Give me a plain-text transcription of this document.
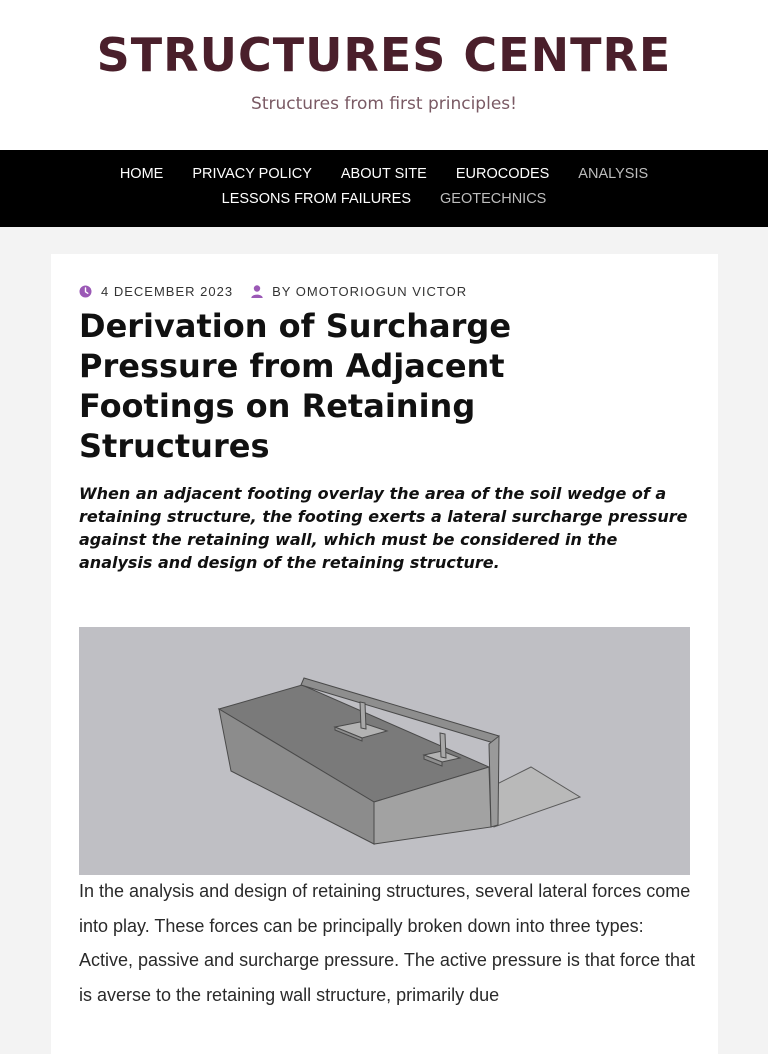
STRUCTURES CENTRE
Structures from first principles!
HOME PRIVACY POLICY ABOUT SITE EUROCODES ANALYSIS
LESSONS FROM FAILURES GEOTECHNICS
4 DECEMBER 2023	BY OMOTORIOGUN VICTOR
Derivation of Surcharge Pressure from Adjacent Footings on Retaining Structures

When an adjacent footing overlay the area of the soil wedge of a retaining structure, the footing exerts a lateral surcharge pressure against the retaining wall, which must be considered in the analysis and design of the retaining structure.

In the analysis and design of retaining structures, several lateral forces come into play. These forces can be principally broken down into three types: Active, passive and surcharge pressure. The active pressure is that force that is averse to the retaining wall structure, primarily due
